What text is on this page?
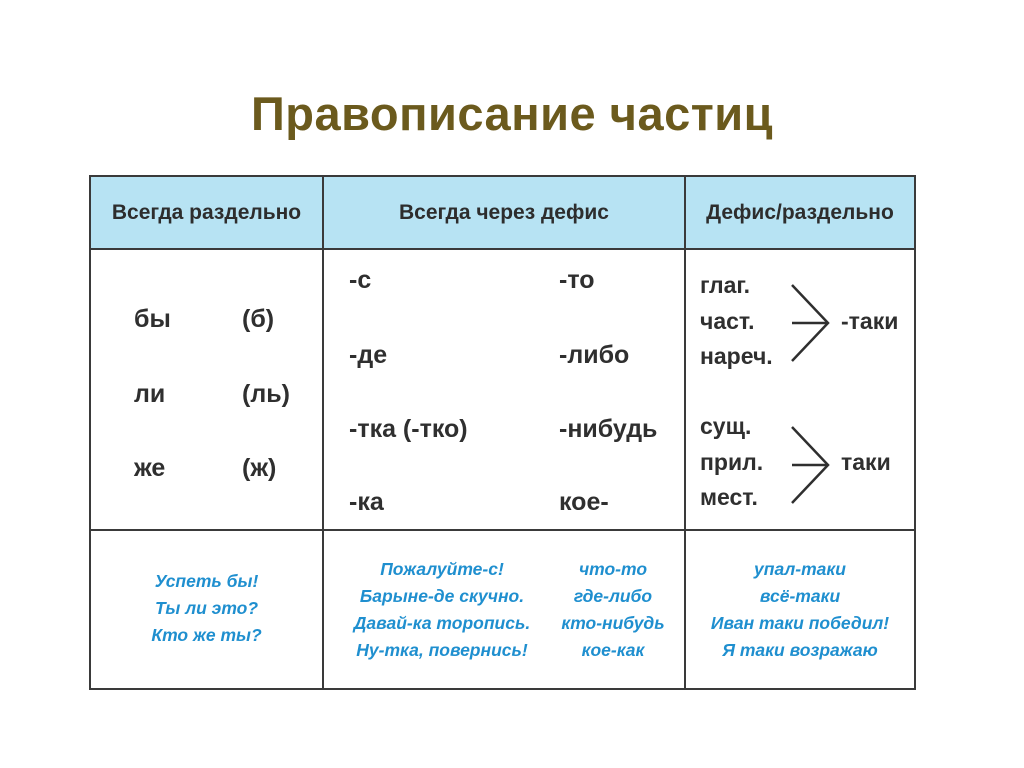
Правописание частиц
Всегда раздельно	Всегда через дефис	Дефис/раздельно
бы
ли
же
(б)
(ль)
(ж)
-с
-де
-тка (-тко)
-ка
-то
-либо
-нибудь
кое-
глаг.
част.
нареч.
-таки
сущ.
прил.
мест.
таки
Успеть бы!
Ты ли это?
Кто же ты?
Пожалуйте-с!
Барыне-де скучно.
Давай-ка торопись.
Ну-тка, повернись!
что-то
где-либо
кто-нибудь
кое-как
упал-таки
всё-таки
Иван таки победил!
Я таки возражаю
